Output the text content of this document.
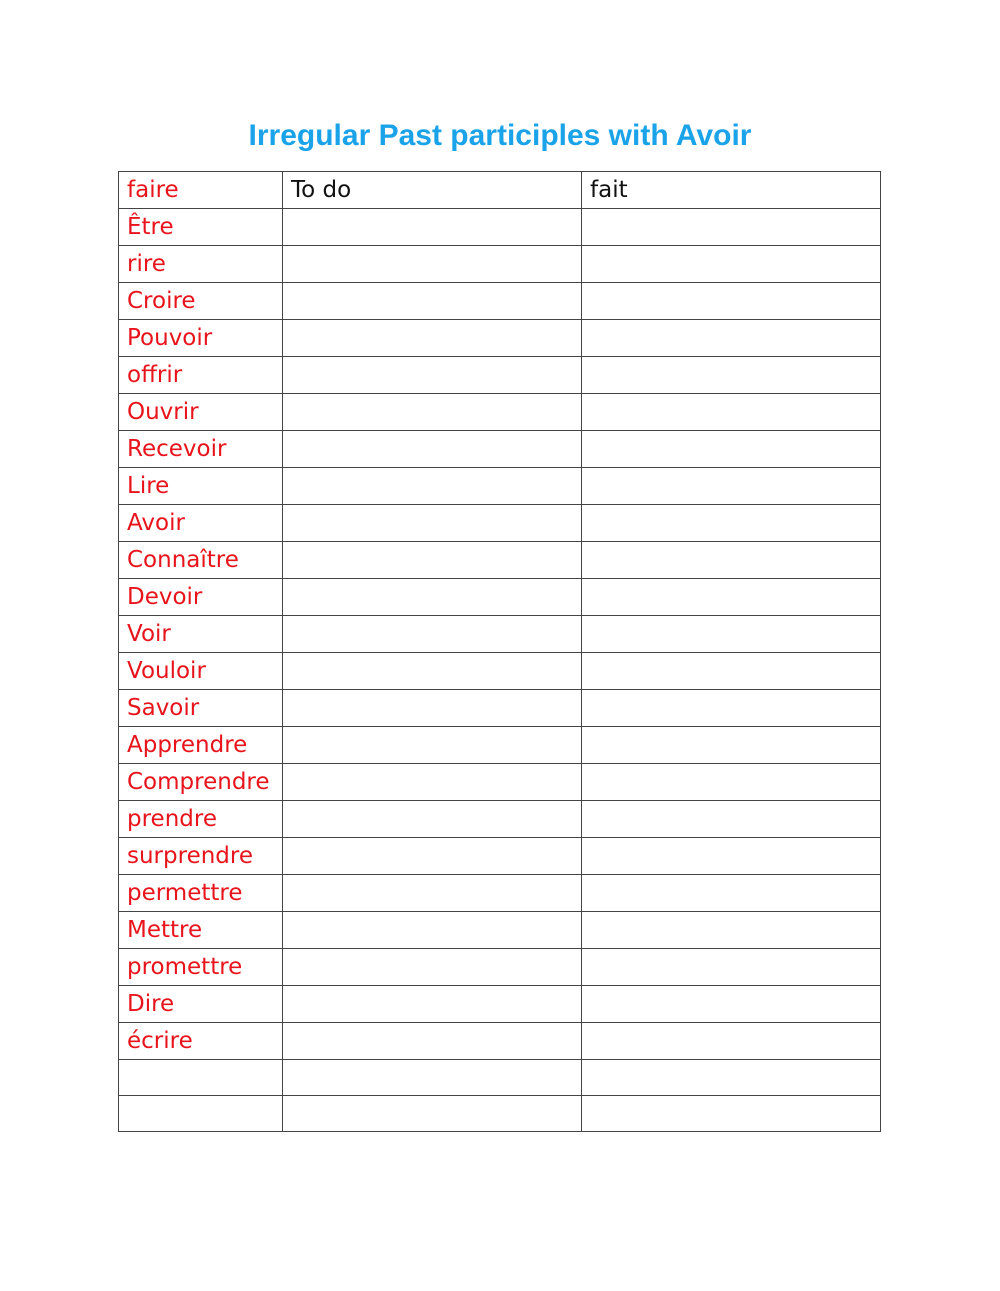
Irregular Past participles with Avoir
faire	To do	fait
Être		
rire		
Croire		
Pouvoir		
offrir		
Ouvrir		
Recevoir		
Lire		
Avoir		
Connaître		
Devoir		
Voir		
Vouloir		
Savoir		
Apprendre		
Comprendre		
prendre		
surprendre		
permettre		
Mettre		
promettre		
Dire		
écrire		
